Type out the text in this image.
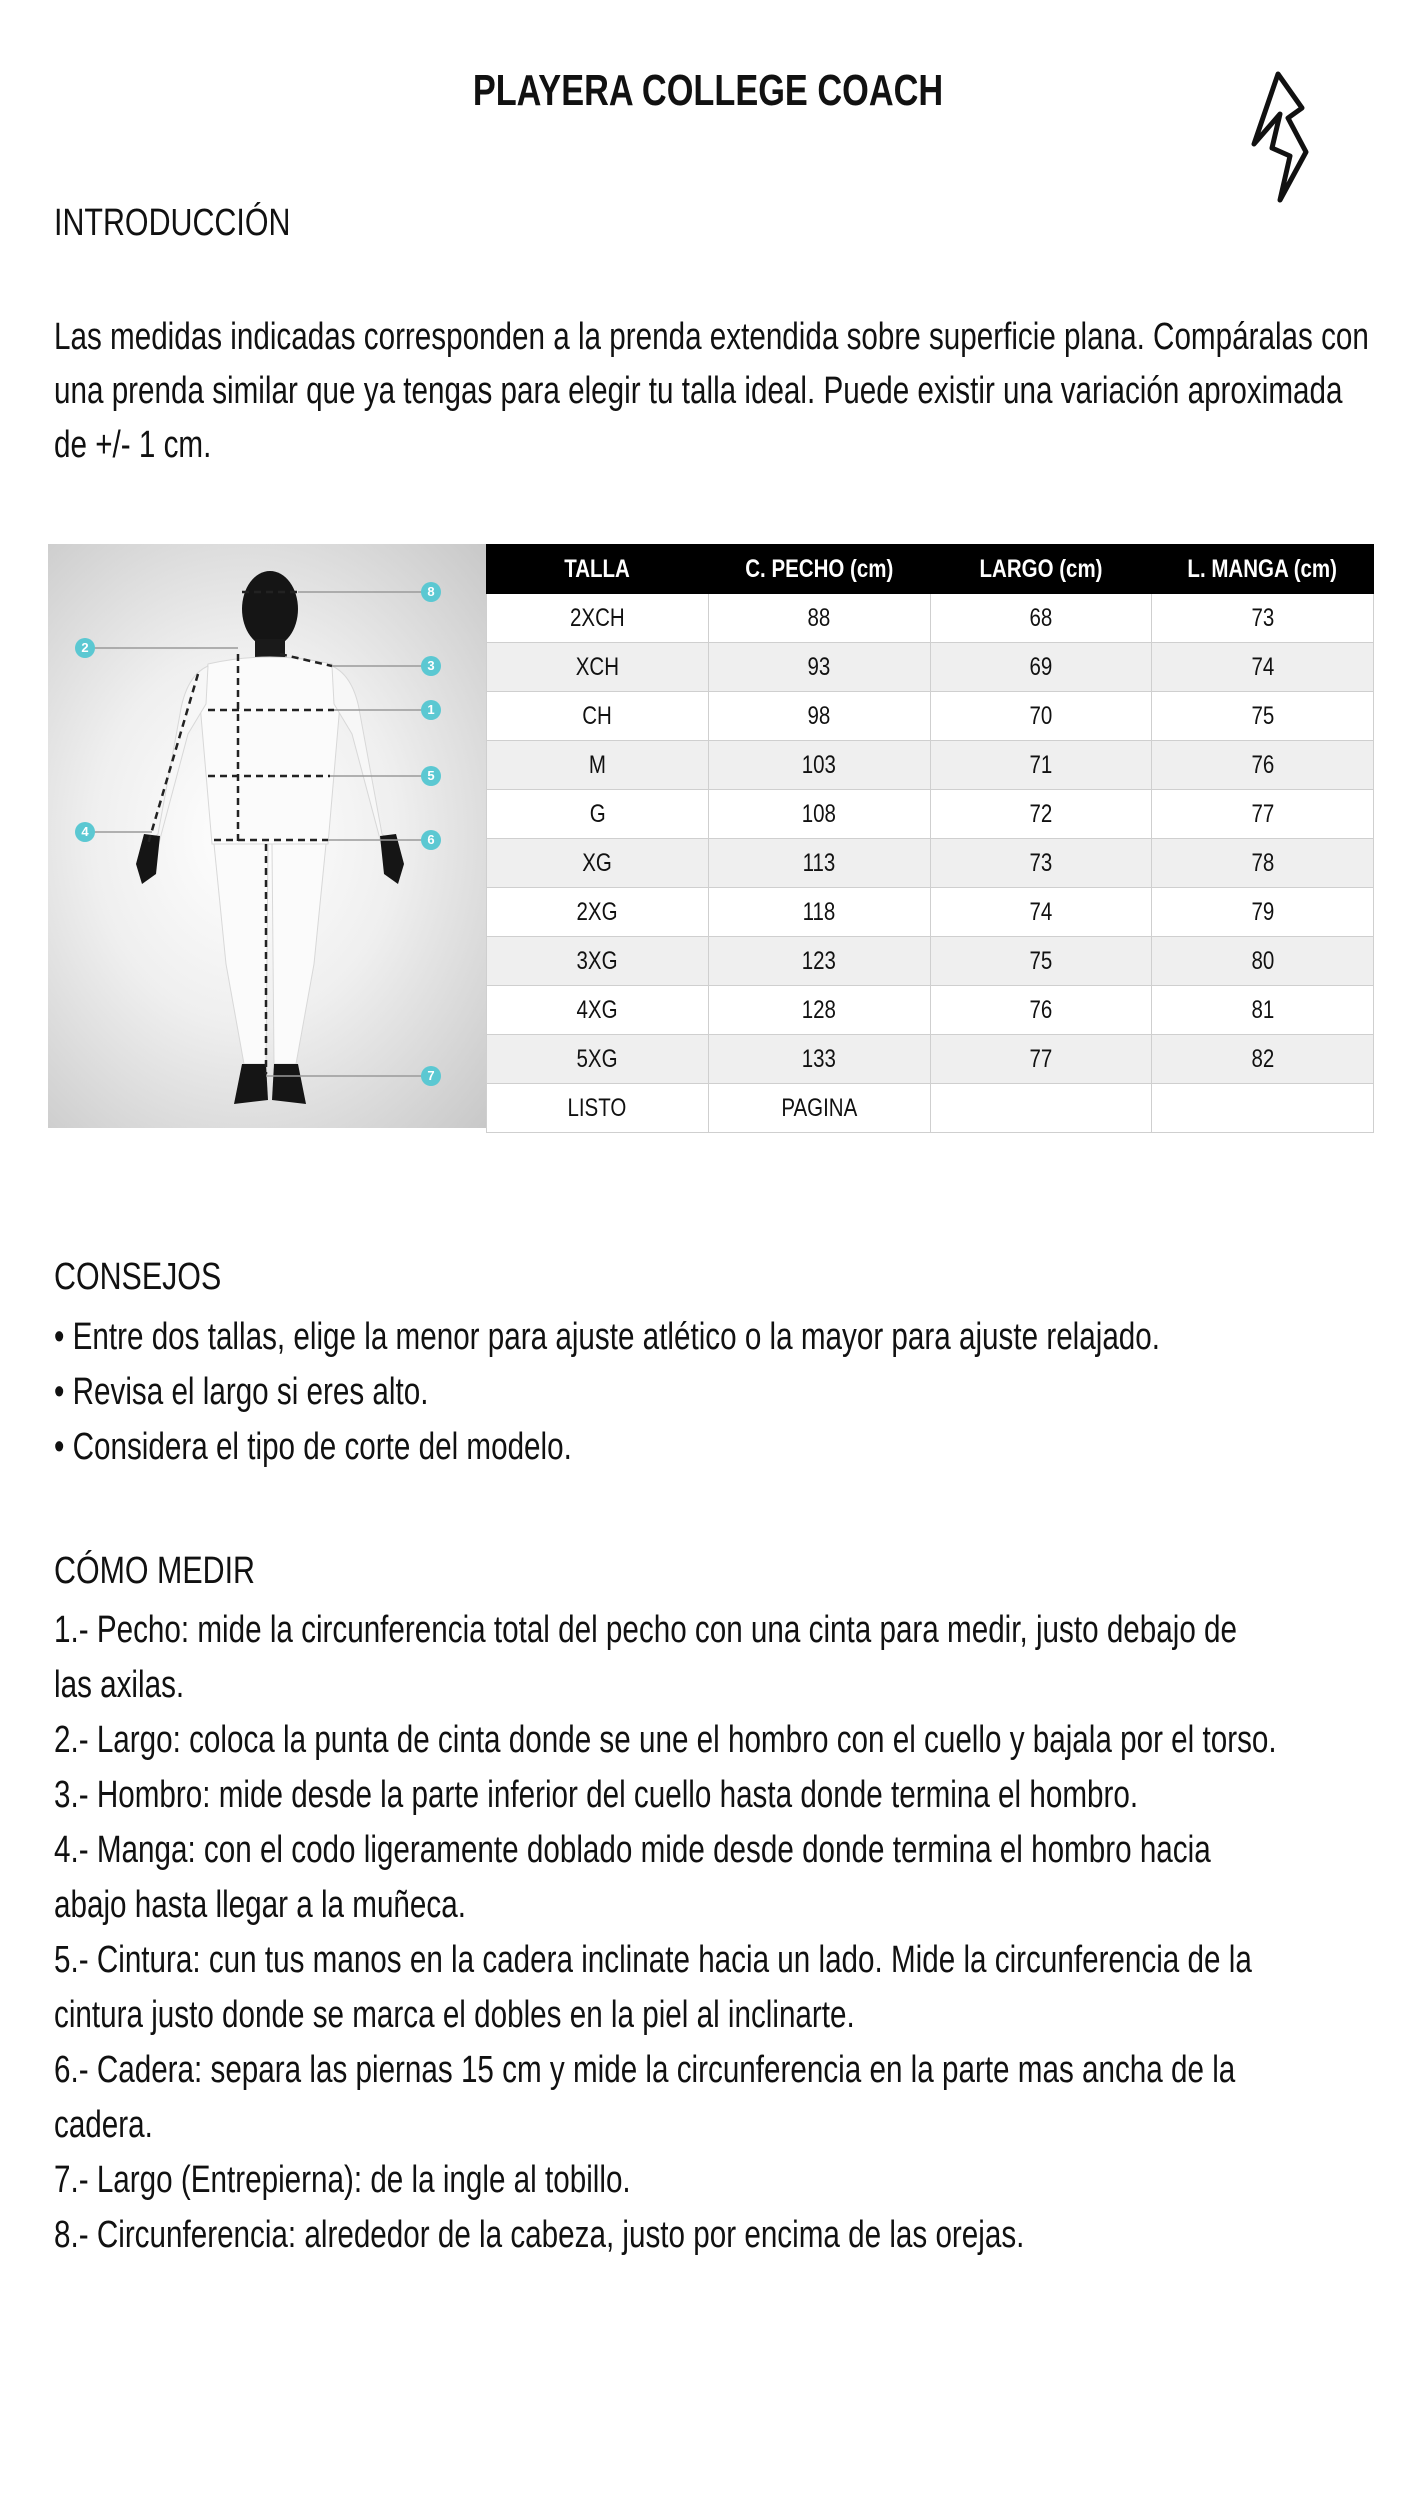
PLAYERA COLLEGE COACH
INTRODUCCIÓN
Las medidas indicadas corresponden a la prenda extendida sobre superficie plana. Compáralas con
una prenda similar que ya tengas para elegir tu talla ideal. Puede existir una variación aproximada
de +/- 1 cm.
8
2
3
1
5
4
6
7
TALLA	C. PECHO (cm)	LARGO (cm)	L. MANGA (cm)
2XCH	88	68	73
XCH	93	69	74
CH	98	70	75
M	103	71	76
G	108	72	77
XG	113	73	78
2XG	118	74	79
3XG	123	75	80
4XG	128	76	81
5XG	133	77	82
LISTO	PAGINA		
CONSEJOS
• Entre dos tallas, elige la menor para ajuste atlético o la mayor para ajuste relajado.
• Revisa el largo si eres alto.
• Considera el tipo de corte del modelo.
CÓMO MEDIR
1.- Pecho: mide la circunferencia total del pecho con una cinta para medir, justo debajo de
las axilas.
2.- Largo: coloca la punta de cinta donde se une el hombro con el cuello y bajala por el torso.
3.- Hombro: mide desde la parte inferior del cuello hasta donde termina el hombro.
4.- Manga: con el codo ligeramente doblado mide desde donde termina el hombro hacia
abajo hasta llegar a la muñeca.
5.- Cintura: cun tus manos en la cadera inclinate hacia un lado. Mide la circunferencia de la
cintura justo donde se marca el dobles en la piel al inclinarte.
6.- Cadera: separa las piernas 15 cm y mide la circunferencia en la parte mas ancha de la
cadera.
7.- Largo (Entrepierna): de la ingle al tobillo.
8.- Circunferencia: alrededor de la cabeza, justo por encima de las orejas.
